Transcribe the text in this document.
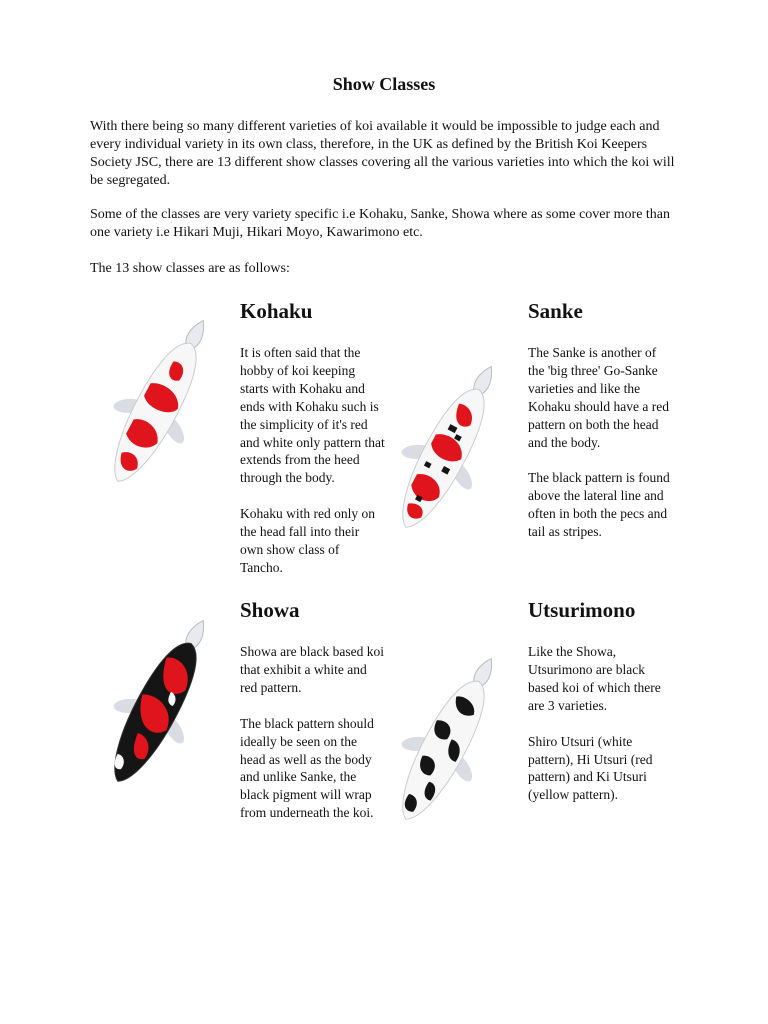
Show Classes

With there being so many different varieties of koi available it would be impossible to judge each and every individual variety in its own class, therefore, in the UK as defined by the British Koi Keepers Society JSC, there are 13 different show classes covering all the various varieties into which the koi will be segregated.

Some of the classes are very variety specific i.e Kohaku, Sanke, Showa where as some cover more than one variety i.e Hikari Muji, Hikari Moyo, Kawarimono etc.

The 13 show classes are as follows:

Kohaku

It is often said that the hobby of koi keeping starts with Kohaku and ends with Kohaku such is the simplicity of it's red and white only pattern that extends from the heed through the body.

Kohaku with red only on the head fall into their own show class of Tancho.

Sanke

The Sanke is another of the 'big three' Go-Sanke varieties and like the Kohaku should have a red pattern on both the head and the body.

The black pattern is found above the lateral line and often in both the pecs and tail as stripes.

Showa

Showa are black based koi that exhibit a white and red pattern.

The black pattern should ideally be seen on the head as well as the body and unlike Sanke, the black pigment will wrap from underneath the koi.

Utsurimono

Like the Showa, Utsurimono are black based koi of which there are 3 varieties.

Shiro Utsuri (white pattern), Hi Utsuri (red pattern) and Ki Utsuri (yellow pattern).
